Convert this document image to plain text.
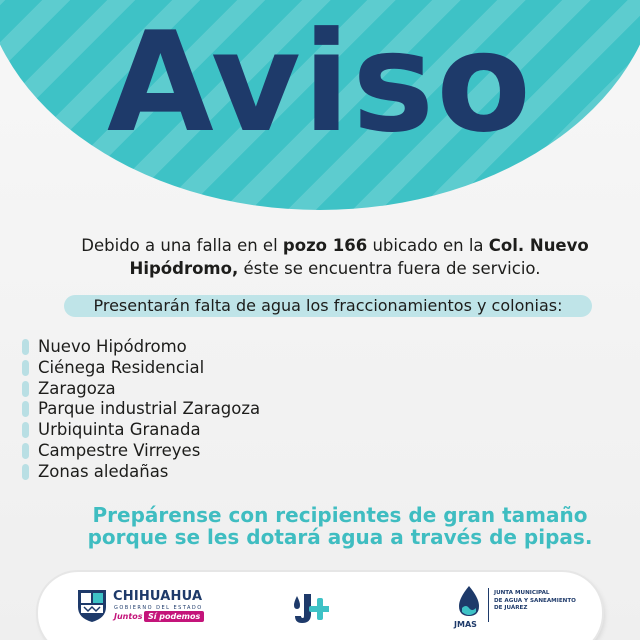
Aviso
Debido a una falla en el pozo 166 ubicado en la Col. Nuevo Hipódromo, éste se encuentra fuera de servicio.
Presentarán falta de agua los fraccionamientos y colonias:
Nuevo Hipódromo
Ciénega Residencial
Zaragoza
Parque industrial Zaragoza
Urbiquinta Granada
Campestre Virreyes
Zonas aledañas
Prepárense con recipientes de gran tamaño
porque se les dotará agua a través de pipas.
CHIHUAHUA
GOBIERNO DEL ESTADO
Juntos Sí podemos
JMAS
JUNTA MUNICIPAL
DE AGUA Y SANEAMIENTO
DE JUÁREZ
